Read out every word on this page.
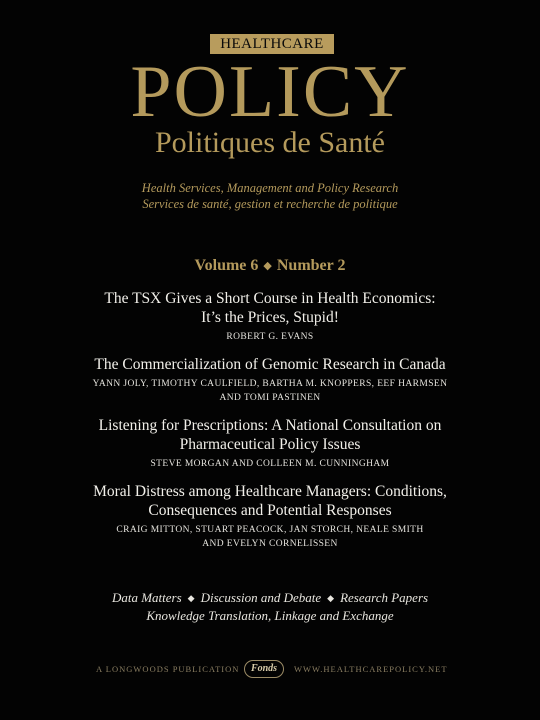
HEALTHCARE
POLICY
Politiques de Santé
Health Services, Management and Policy Research
Services de santé, gestion et recherche de politique
Volume 6 ◆ Number 2
The TSX Gives a Short Course in Health Economics:
It’s the Prices, Stupid!
ROBERT G. EVANS
The Commercialization of Genomic Research in Canada
YANN JOLY, TIMOTHY CAULFIELD, BARTHA M. KNOPPERS, EEF HARMSEN
AND TOMI PASTINEN
Listening for Prescriptions: A National Consultation on
Pharmaceutical Policy Issues
STEVE MORGAN AND COLLEEN M. CUNNINGHAM
Moral Distress among Healthcare Managers: Conditions,
Consequences and Potential Responses
CRAIG MITTON, STUART PEACOCK, JAN STORCH, NEALE SMITH
AND EVELYN CORNELISSEN
Data Matters ◆ Discussion and Debate ◆ Research Papers
Knowledge Translation, Linkage and Exchange
A LONGWOODS PUBLICATION	Fonds	WWW.HEALTHCAREPOLICY.NET
